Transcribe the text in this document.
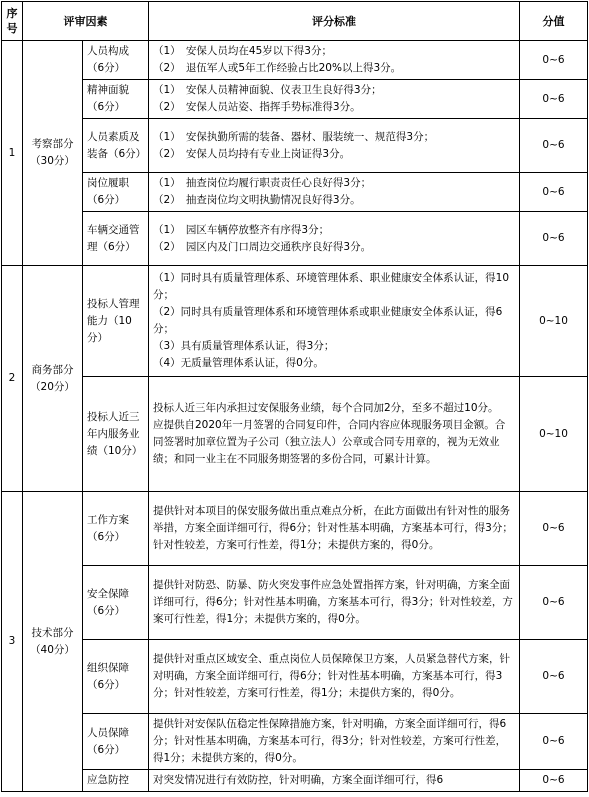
序号	评审因素		评分标准	分值
1	考察部分（30分）	人员构成（6分）	（1）　安保人员均在45岁以下得3分；
（2）　退伍军人或5年工作经验占比20%以上得3分。	0~6
		精神面貌（6分）	（1）　安保人员精神面貌、仪表卫生良好得3分；
（2）　安保人员站姿、指挥手势标准得3分。	0~6
		人员素质及装备（6分）	（1）　安保执勤所需的装备、器材、服装统一、规范得3分；
（2）　安保人员均持有专业上岗证得3分。	0~6
		岗位履职（6分）	（1）　抽查岗位均履行职责责任心良好得3分；
（2）　抽查岗位均文明执勤情况良好得3分。	0~6
		车辆交通管理（6分）	（1）　园区车辆停放整齐有序得3分；
（2）　园区内及门口周边交通秩序良好得3分。	0~6
2	商务部分（20分）	投标人管理能力（10分）	（1）同时具有质量管理体系、环境管理体系、职业健康安全体系认证，得10分；
（2）同时具有质量管理体系和环境管理体系或职业健康安全体系认证，得6分；
（3）具有质量管理体系认证，得3分；
（4）无质量管理体系认证，得0分。	0~10
		投标人近三年内服务业绩（10分）	投标人近三年内承担过安保服务业绩，每个合同加2分，至多不超过10分。
应提供自2020年一月签署的合同复印件，合同内容应体现服务项目金额。合同签署时加章位置为子公司（独立法人）公章或合同专用章的，视为无效业绩；和同一业主在不同服务期签署的多份合同，可累计计算。	0~10
3	技术部分（40分）	工作方案（6分）	提供针对本项目的保安服务做出重点难点分析，在此方面做出有针对性的服务举措，方案全面详细可行，得6分；针对性基本明确，方案基本可行，得3分；针对性较差，方案可行性差，得1分；未提供方案的，得0分。	0~6
		安全保障（6分）	提供针对防恐、防暴、防火突发事件应急处置指挥方案，针对明确，方案全面详细可行，得6分；针对性基本明确，方案基本可行，得3分；针对性较差，方案可行性差，得1分；未提供方案的，得0分。	0~6
		组织保障（6分）	提供针对重点区域安全、重点岗位人员保障保卫方案，人员紧急替代方案，针对明确，方案全面详细可行，得6分；针对性基本明确，方案基本可行，得3分；针对性较差，方案可行性差，得1分；未提供方案的，得0分。	0~6
		人员保障（6分）	提供针对安保队伍稳定性保障措施方案，针对明确，方案全面详细可行，得6分；针对性基本明确，方案基本可行，得3分；针对性较差，方案可行性差，得1分；未提供方案的，得0分。	0~6
		应急防控	对突发情况进行有效防控，针对明确，方案全面详细可行，得6	0~6
